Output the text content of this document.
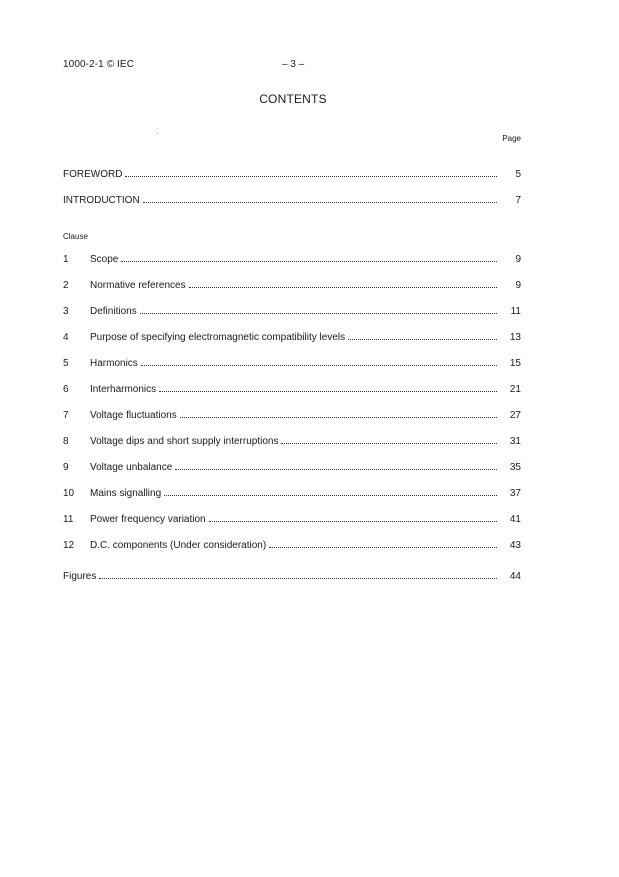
1000-2-1 © IEC	– 3 –
CONTENTS
Page
FOREWORD	5
INTRODUCTION	7
Clause
1	Scope	9
2	Normative references	9
3	Definitions	11
4	Purpose of specifying electromagnetic compatibility levels	13
5	Harmonics	15
6	Interharmonics	21
7	Voltage fluctuations	27
8	Voltage dips and short supply interruptions	31
9	Voltage unbalance	35
10	Mains signalling	37
11	Power frequency variation	41
12	D.C. components (Under consideration)	43
Figures	44
